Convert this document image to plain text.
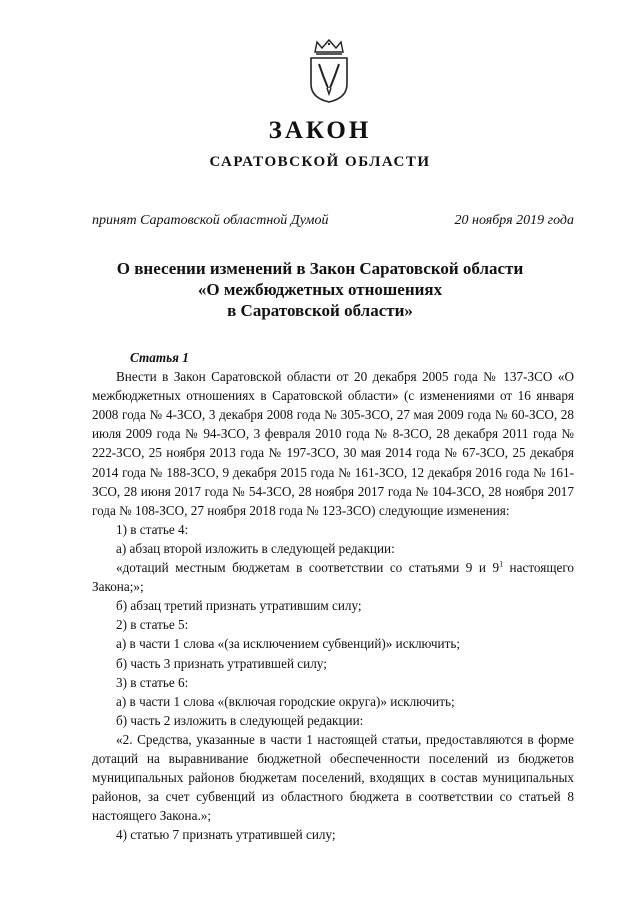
ЗАКОН
САРАТОВСКОЙ ОБЛАСТИ
принят Саратовской областной Думой	20 ноября 2019 года
О внесении изменений в Закон Саратовской области
«О межбюджетных отношениях
в Саратовской области»
Статья 1

Внести в Закон Саратовской области от 20 декабря 2005 года № 137-ЗСО «О межбюджетных отношениях в Саратовской области» (с изменениями от 16 января 2008 года № 4-ЗСО, 3 декабря 2008 года № 305-ЗСО, 27 мая 2009 года № 60-ЗСО, 28 июля 2009 года № 94-ЗСО, 3 февраля 2010 года № 8-ЗСО, 28 декабря 2011 года № 222-ЗСО, 25 ноября 2013 года № 197-ЗСО, 30 мая 2014 года № 67-ЗСО, 25 декабря 2014 года № 188-ЗСО, 9 декабря 2015 года № 161-ЗСО, 12 декабря 2016 года № 161-ЗСО, 28 июня 2017 года № 54-ЗСО, 28 ноября 2017 года № 104-ЗСО, 28 ноября 2017 года № 108-ЗСО, 27 ноября 2018 года № 123-ЗСО) следующие изменения:

1) в статье 4:

а) абзац второй изложить в следующей редакции:

«дотаций местным бюджетам в соответствии со статьями 9 и $9^1$ настоящего Закона;»;

б) абзац третий признать утратившим силу;

2) в статье 5:

а) в части 1 слова «(за исключением субвенций)» исключить;

б) часть 3 признать утратившей силу;

3) в статье 6:

а) в части 1 слова «(включая городские округа)» исключить;

б) часть 2 изложить в следующей редакции:

«2. Средства, указанные в части 1 настоящей статьи, предоставляются в форме дотаций на выравнивание бюджетной обеспеченности поселений из бюджетов муниципальных районов бюджетам поселений, входящих в состав муниципальных районов, за счет субвенций из областного бюджета в соответствии со статьей 8 настоящего Закона.»;

4) статью 7 признать утратившей силу;
